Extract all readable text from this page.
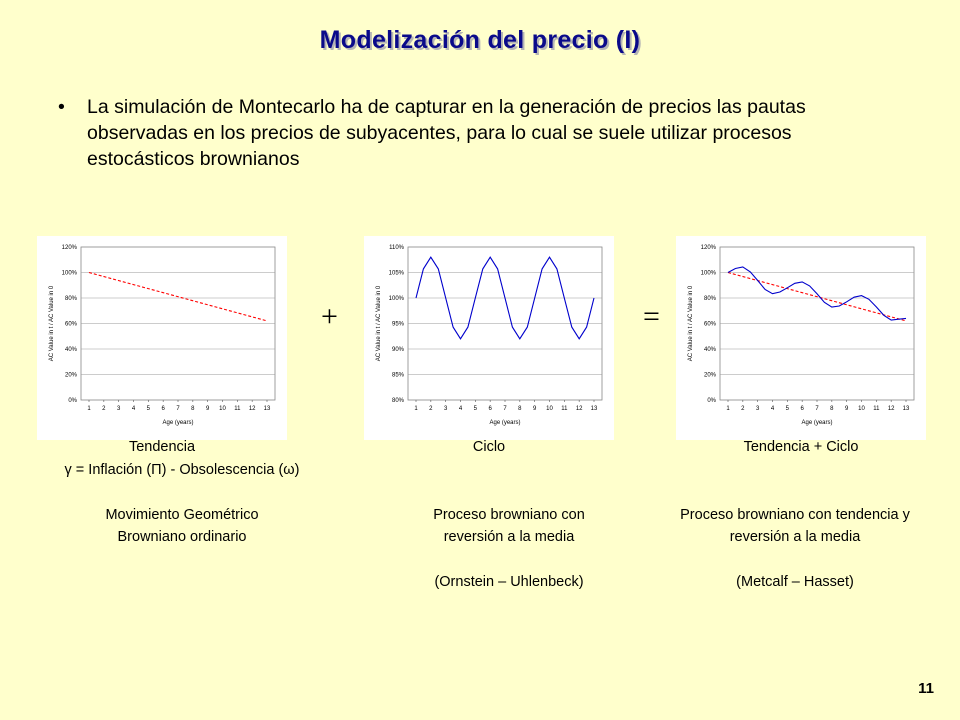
Modelización del precio (I)
• La simulación de Montecarlo ha de capturar en la generación de precios las pautas observadas en los precios de subyacentes, para lo cual se suele utilizar procesos estocásticos brownianos
0%
20%
40%
60%
80%
100%
120%
1 2 3 4 5 6 7 8 9 10 11 12 13
Age (years)
AC Value in t / AC Value in 0	+
80%
85%
90%
95%
100%
105%
110%
1 2 3 4 5 6 7 8 9 10 11 12 13
Age (years)
AC Value in t / AC Value in 0	=
0%
20%
40%
60%
80%
100%
120%
1 2 3 4 5 6 7 8 9 10 11 12 13
Age (years)
AC Value in t / AC Value in 0
Tendencia
γ = Inflación (Π) - Obsolescencia (ω)
Movimiento Geométrico
Browniano ordinario
Ciclo
Proceso browniano con
reversión a la media
(Ornstein – Uhlenbeck)
Tendencia + Ciclo
Proceso browniano con tendencia y
reversión a la media
(Metcalf – Hasset)
11
